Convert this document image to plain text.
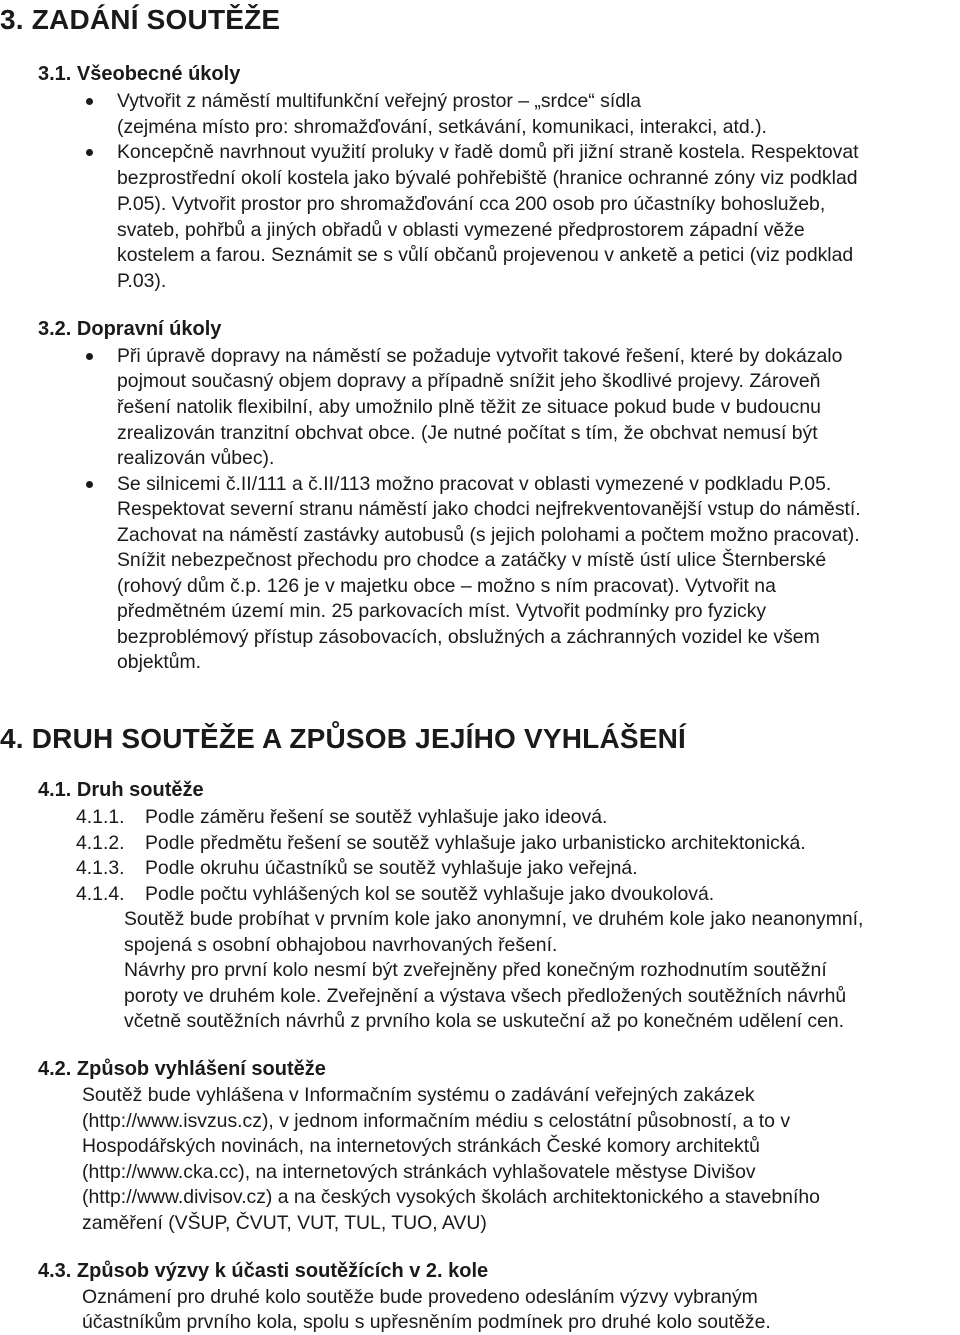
3. ZADÁNÍ SOUTĚŽE
3.1. Všeobecné úkoly
Vytvořit z náměstí multifunkční veřejný prostor – „srdce“ sídla
(zejména místo pro: shromažďování, setkávání, komunikaci, interakci, atd.).
Koncepčně navrhnout využití proluky v řadě domů při jižní straně kostela. Respektovat
bezprostřední okolí kostela jako bývalé pohřebiště (hranice ochranné zóny viz podklad
P.05). Vytvořit prostor pro shromažďování cca 200 osob pro účastníky bohoslužeb,
svateb, pohřbů a jiných obřadů v oblasti vymezené předprostorem západní věže
kostelem a farou. Seznámit se s vůlí občanů projevenou v anketě a petici (viz podklad
P.03).
3.2. Dopravní úkoly
Při úpravě dopravy na náměstí se požaduje vytvořit takové řešení, které by dokázalo
pojmout současný objem dopravy a případně snížit jeho škodlivé projevy. Zároveň
řešení natolik flexibilní, aby umožnilo plně těžit ze situace pokud bude v budoucnu
zrealizován tranzitní obchvat obce. (Je nutné počítat s tím, že obchvat nemusí být
realizován vůbec).
Se silnicemi č.II/111 a č.II/113 možno pracovat v oblasti vymezené v podkladu P.05.
Respektovat severní stranu náměstí jako chodci nejfrekventovanější vstup do náměstí.
Zachovat na náměstí zastávky autobusů (s jejich polohami a počtem možno pracovat).
Snížit nebezpečnost přechodu pro chodce a zatáčky v místě ústí ulice Šternberské
(rohový dům č.p. 126 je v majetku obce – možno s ním pracovat). Vytvořit na
předmětném území min. 25 parkovacích míst. Vytvořit podmínky pro fyzicky
bezproblémový přístup zásobovacích, obslužných a záchranných vozidel ke všem
objektům.
4. DRUH SOUTĚŽE A ZPŮSOB JEJÍHO VYHLÁŠENÍ
4.1. Druh soutěže
4.1.1. Podle záměru řešení se soutěž vyhlašuje jako ideová.
4.1.2. Podle předmětu řešení se soutěž vyhlašuje jako urbanisticko architektonická.
4.1.3. Podle okruhu účastníků se soutěž vyhlašuje jako veřejná.
4.1.4. Podle počtu vyhlášených kol se soutěž vyhlašuje jako dvoukolová.
Soutěž bude probíhat v prvním kole jako anonymní, ve druhém kole jako neanonymní,
spojená s osobní obhajobou navrhovaných řešení.
Návrhy pro první kolo nesmí být zveřejněny před konečným rozhodnutím soutěžní
poroty ve druhém kole. Zveřejnění a výstava všech předložených soutěžních návrhů
včetně soutěžních návrhů z prvního kola se uskuteční až po konečném udělení cen.
4.2. Způsob vyhlášení soutěže
Soutěž bude vyhlášena v Informačním systému o zadávání veřejných zakázek
(http://www.isvzus.cz), v jednom informačním médiu s celostátní působností, a to v
Hospodářských novinách, na internetových stránkách České komory architektů
(http://www.cka.cc), na internetových stránkách vyhlašovatele městyse Divišov
(http://www.divisov.cz) a na českých vysokých školách architektonického a stavebního
zaměření (VŠUP, ČVUT, VUT, TUL, TUO, AVU)
4.3. Způsob výzvy k účasti soutěžících v 2. kole
Oznámení pro druhé kolo soutěže bude provedeno odesláním výzvy vybraným
účastníkům prvního kola, spolu s upřesněním podmínek pro druhé kolo soutěže.
